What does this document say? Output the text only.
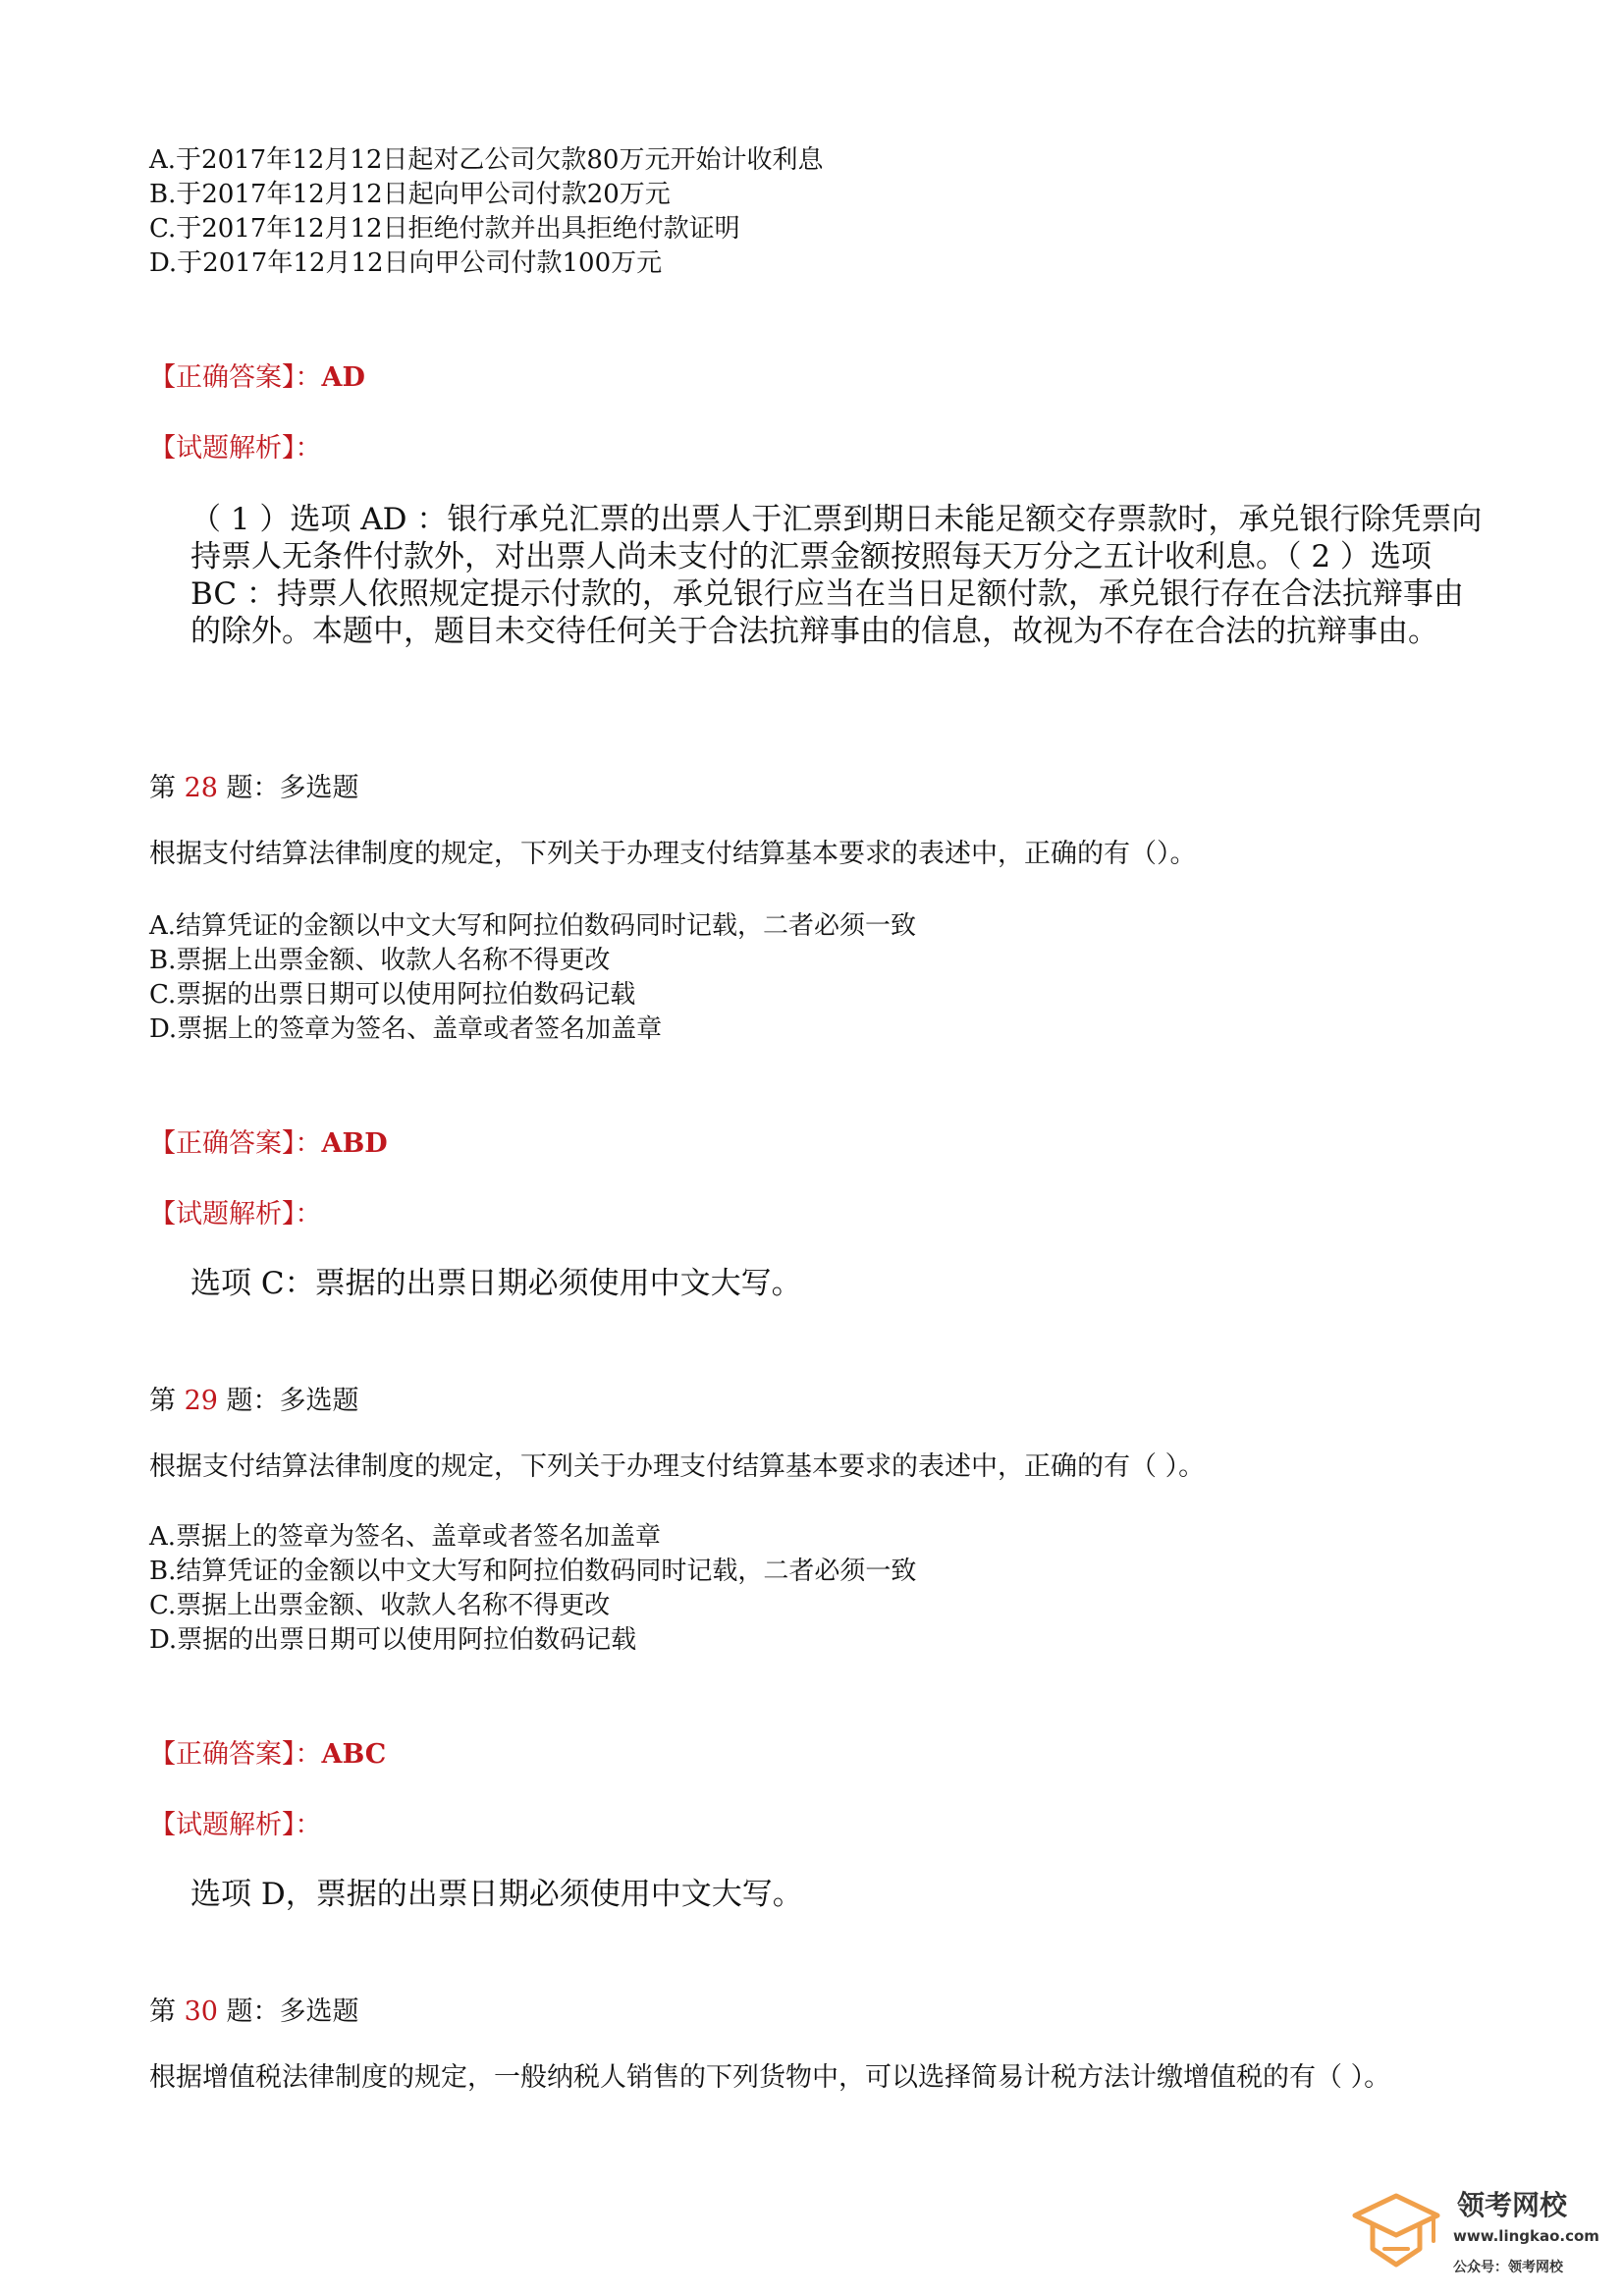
A.于2017年12月12日起对乙公司欠款80万元开始计收利息
B.于2017年12月12日起向甲公司付款20万元
C.于2017年12月12日拒绝付款并出具拒绝付款证明
D.于2017年12月12日向甲公司付款100万元
【正确答案】：AD
【试题解析】：
（ 1 ）选项 AD ：银行承兑汇票的出票人于汇票到期日未能足额交存票款时，承兑银行除凭票向持票人无条件付款外，对出票人尚未支付的汇票金额按照每天万分之五计收利息。（ 2 ）选项 BC ：持票人依照规定提示付款的，承兑银行应当在当日足额付款，承兑银行存在合法抗辩事由的除外。本题中，题目未交待任何关于合法抗辩事由的信息，故视为不存在合法的抗辩事由。
第 28 题：多选题
根据支付结算法律制度的规定，下列关于办理支付结算基本要求的表述中，正确的有（）。
A.结算凭证的金额以中文大写和阿拉伯数码同时记载，二者必须一致
B.票据上出票金额、收款人名称不得更改
C.票据的出票日期可以使用阿拉伯数码记载
D.票据上的签章为签名、盖章或者签名加盖章
【正确答案】：ABD
【试题解析】：
选项 C：票据的出票日期必须使用中文大写。
第 29 题：多选题
根据支付结算法律制度的规定，下列关于办理支付结算基本要求的表述中，正确的有（ ）。
A.票据上的签章为签名、盖章或者签名加盖章
B.结算凭证的金额以中文大写和阿拉伯数码同时记载，二者必须一致
C.票据上出票金额、收款人名称不得更改
D.票据的出票日期可以使用阿拉伯数码记载
【正确答案】：ABC
【试题解析】：
选项 D，票据的出票日期必须使用中文大写。
第 30 题：多选题
根据增值税法律制度的规定，一般纳税人销售的下列货物中，可以选择简易计税方法计缴增值税的有（ ）。
领考网校
www.lingkao.com
公众号：领考网校
